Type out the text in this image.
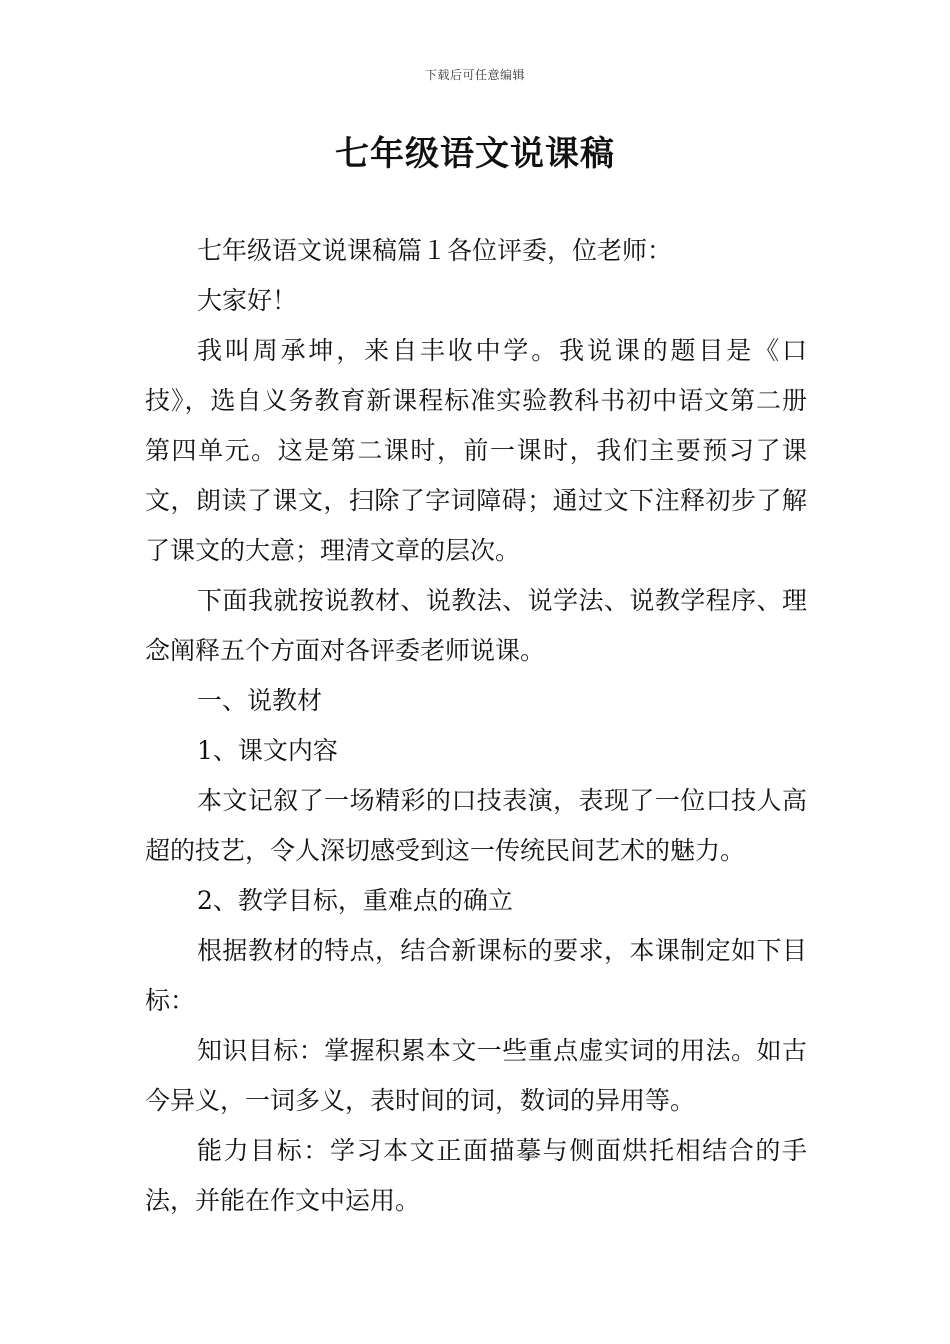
下载后可任意编辑
七年级语文说课稿

七年级语文说课稿篇１各位评委，位老师：

大家好！

我叫周承坤，来自丰收中学。我说课的题目是《口技》，选自义务教育新课程标准实验教科书初中语文第二册第四单元。这是第二课时，前一课时，我们主要预习了课文，朗读了课文，扫除了字词障碍；通过文下注释初步了解了课文的大意；理清文章的层次。

下面我就按说教材、说教法、说学法、说教学程序、理念阐释五个方面对各评委老师说课。

一、说教材

1、课文内容

本文记叙了一场精彩的口技表演，表现了一位口技人高超的技艺，令人深切感受到这一传统民间艺术的魅力。

2、教学目标，重难点的确立

根据教材的特点，结合新课标的要求，本课制定如下目标：

知识目标：掌握积累本文一些重点虚实词的用法。如古今异义，一词多义，表时间的词，数词的异用等。

能力目标：学习本文正面描摹与侧面烘托相结合的手法，并能在作文中运用。
